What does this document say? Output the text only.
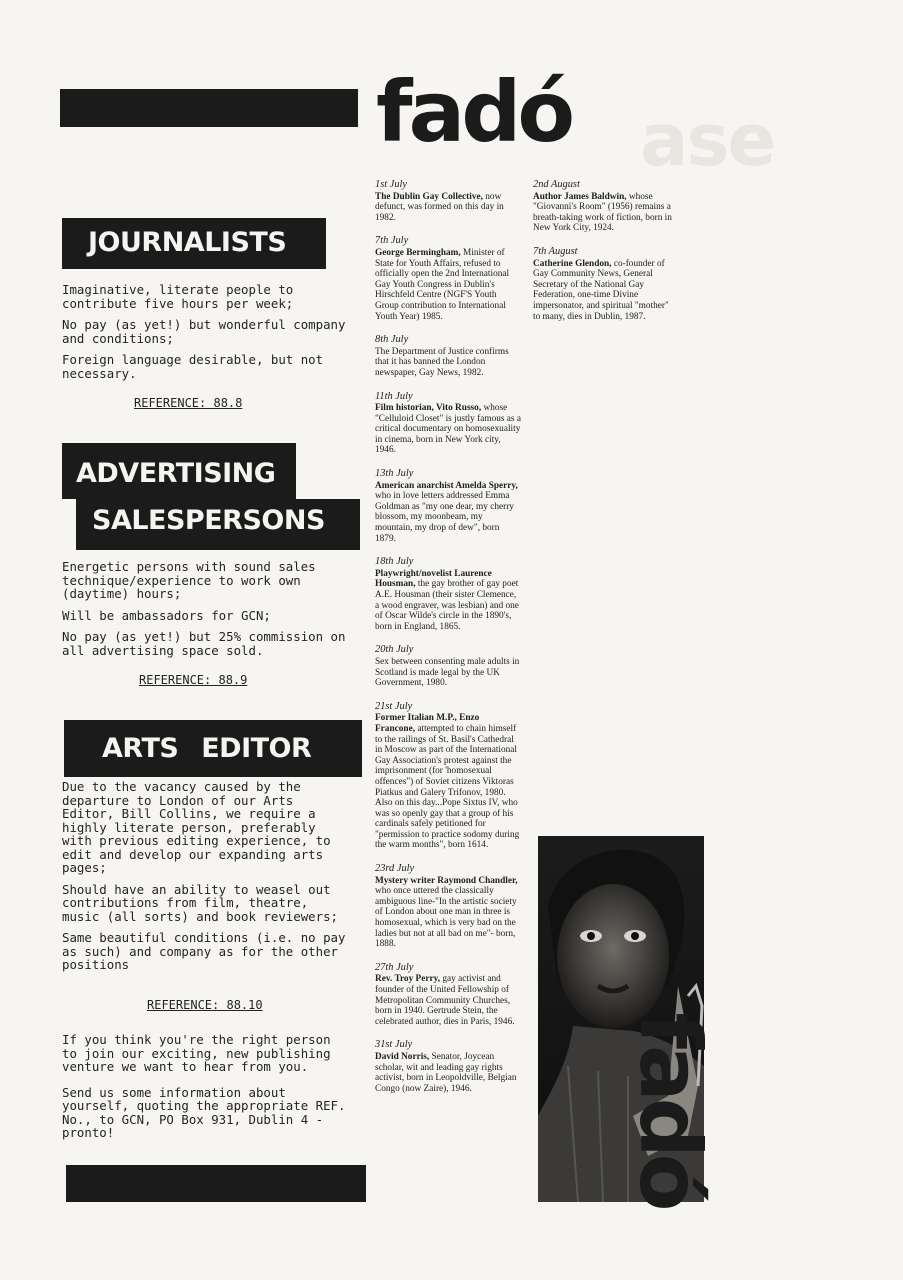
ase
fadó
JOURNALISTS

Imaginative, literate people to contribute five hours per week;

No pay (as yet!) but wonderful company and conditions;

Foreign language desirable, but not necessary.

REFERENCE: 88.8
ADVERTISING
SALESPERSONS

Energetic persons with sound sales technique/experience to work own (daytime) hours;

Will be ambassadors for GCN;

No pay (as yet!) but 25% commission on all advertising space sold.

REFERENCE: 88.9
ARTS EDITOR

Due to the vacancy caused by the departure to London of our Arts Editor, Bill Collins, we require a highly literate person, preferably with previous editing experience, to edit and develop our expanding arts pages;

Should have an ability to weasel out contributions from film, theatre, music (all sorts) and book reviewers;

Same beautiful conditions (i.e. no pay as such) and company as for the other positions

REFERENCE: 88.10

If you think you're the right person to join our exciting, new publishing venture we want to hear from you.

Send us some information about yourself, quoting the appropriate REF. No., to GCN, PO Box 931, Dublin 4 - pronto!

1st July
The Dublin Gay Collective, now defunct, was formed on this day in 1982.
7th July
George Bermingham, Minister of State for Youth Affairs, refused to officially open the 2nd International Gay Youth Congress in Dublin's Hirschfeld Centre (NGF'S Youth Group contribution to International Youth Year) 1985.
8th July
The Department of Justice confirms that it has banned the London newspaper, Gay News, 1982.
11th July
Film historian, Vito Russo, whose "Celluloid Closet" is justly famous as a critical documentary on homosexuality in cinema, born in New York city, 1946.
13th July
American anarchist Amelda Sperry, who in love letters addressed Emma Goldman as "my one dear, my cherry blossom, my moonbeam, my mountain, my drop of dew", born 1879.
18th July
Playwright/novelist Laurence Housman, the gay brother of gay poet A.E. Housman (their sister Clemence, a wood engraver, was lesbian) and one of Oscar Wilde's circle in the 1890's, born in England, 1865.
20th July
Sex between consenting male adults in Scotland is made legal by the UK Government, 1980.
21st July
Former Italian M.P., Enzo Francone, attempted to chain himself to the railings of St. Basil's Cathedral in Moscow as part of the International Gay Association's protest against the imprisonment (for 'homosexual offences") of Soviet citizens Viktoras Piatkus and Galery Trifonov, 1980. Also on this day...Pope Sixtus IV, who was so openly gay that a group of his cardinals safely petitioned for "permission to practice sodomy during the warm months", born 1614.
23rd July
Mystery writer Raymond Chandler, who once uttered the classically ambiguous line-"In the artistic society of London about one man in three is homosexual, which is very bad on the ladies but not at all bad on me"- born, 1888.
27th July
Rev. Troy Perry, gay activist and founder of the United Fellowship of Metropolitan Community Churches, born in 1940. Gertrude Stein, the celebrated author, dies in Paris, 1946.
31st July
David Norris, Senator, Joycean scholar, wit and leading gay rights activist, born in Leopoldville, Belgian Congo (now Zaire), 1946.
2nd August
Author James Baldwin, whose "Giovanni's Room" (1956) remains a breath-taking work of fiction, born in New York City, 1924.
7th August
Catherine Glendon, co-founder of Gay Community News, General Secretary of the National Gay Federation, one-time Divine impersonator, and spiritual "mother" to many, dies in Dublin, 1987.
fadó
